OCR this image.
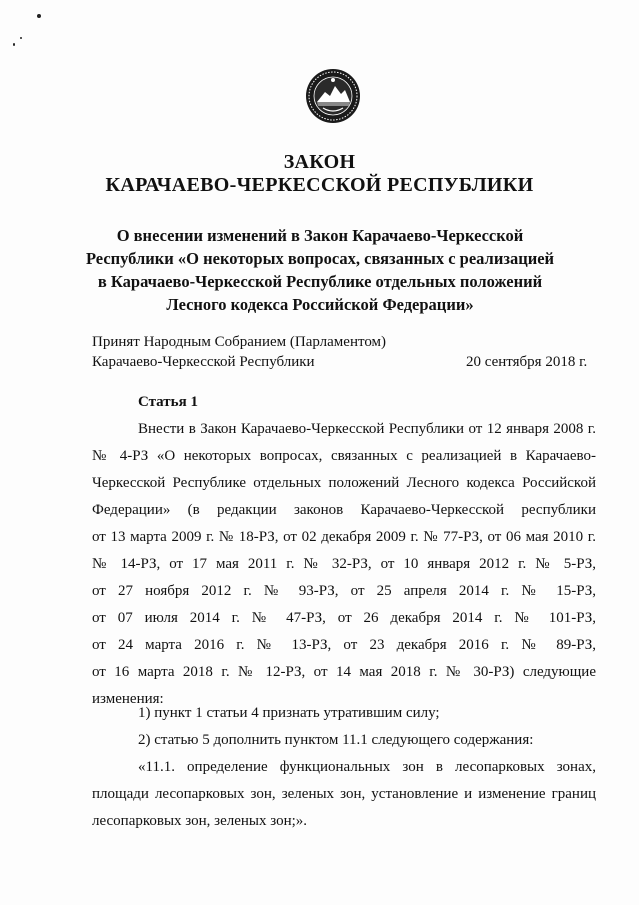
ЗАКОН
КАРАЧАЕВО-ЧЕРКЕССКОЙ РЕСПУБЛИКИ
О внесении изменений в Закон Карачаево-Черкесской
Республики «О некоторых вопросах, связанных с реализацией
в Карачаево-Черкесской Республике отдельных положений
Лесного кодекса Российской Федерации»
Принят Народным Собранием (Парламентом)
Карачаево-Черкесской Республики	20 сентября 2018 г.
Статья 1
Внести в Закон Карачаево-Черкесской Республики от 12 января 2008 г.
№ 4-РЗ «О некоторых вопросах, связанных с реализацией в Карачаево-
Черкесской Республике отдельных положений Лесного кодекса Российской
Федерации» (в редакции законов Карачаево-Черкесской республики
от 13 марта 2009 г. № 18-РЗ, от 02 декабря 2009 г. № 77-РЗ, от 06 мая 2010 г.
№ 14-РЗ, от 17 мая 2011 г. № 32-РЗ, от 10 января 2012 г. № 5-РЗ,
от 27 ноября 2012 г. № 93-РЗ, от 25 апреля 2014 г. № 15-РЗ,
от 07 июля 2014 г. № 47-РЗ, от 26 декабря 2014 г. № 101-РЗ,
от 24 марта 2016 г. № 13-РЗ, от 23 декабря 2016 г. № 89-РЗ,
от 16 марта 2018 г. № 12-РЗ, от 14 мая 2018 г. № 30-РЗ) следующие
изменения:
1) пункт 1 статьи 4 признать утратившим силу;
2) статью 5 дополнить пунктом 11.1 следующего содержания:
«11.1. определение функциональных зон в лесопарковых зонах,
площади лесопарковых зон, зеленых зон, установление и изменение границ
лесопарковых зон, зеленых зон;».
